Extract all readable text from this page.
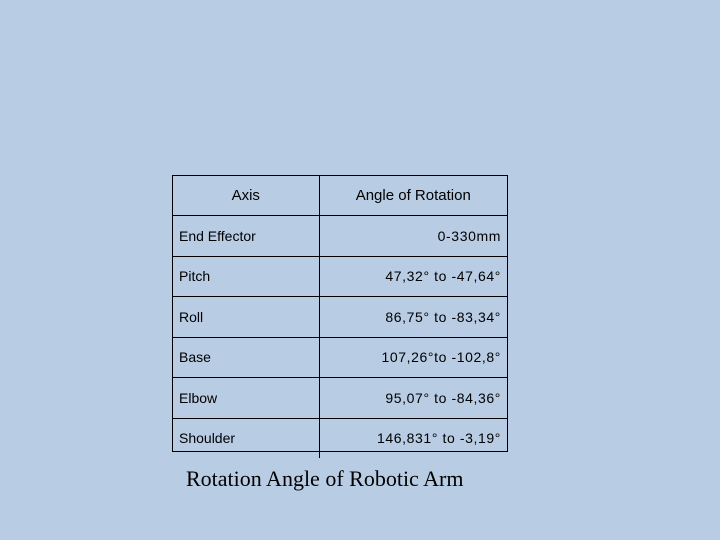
Axis	Angle of Rotation
End Effector	0-330mm
Pitch	47,32° to -47,64°
Roll	86,75° to -83,34°
Base	107,26°to -102,8°
Elbow	95,07° to -84,36°
Shoulder	146,831° to -3,19°
Rotation Angle of Robotic Arm
